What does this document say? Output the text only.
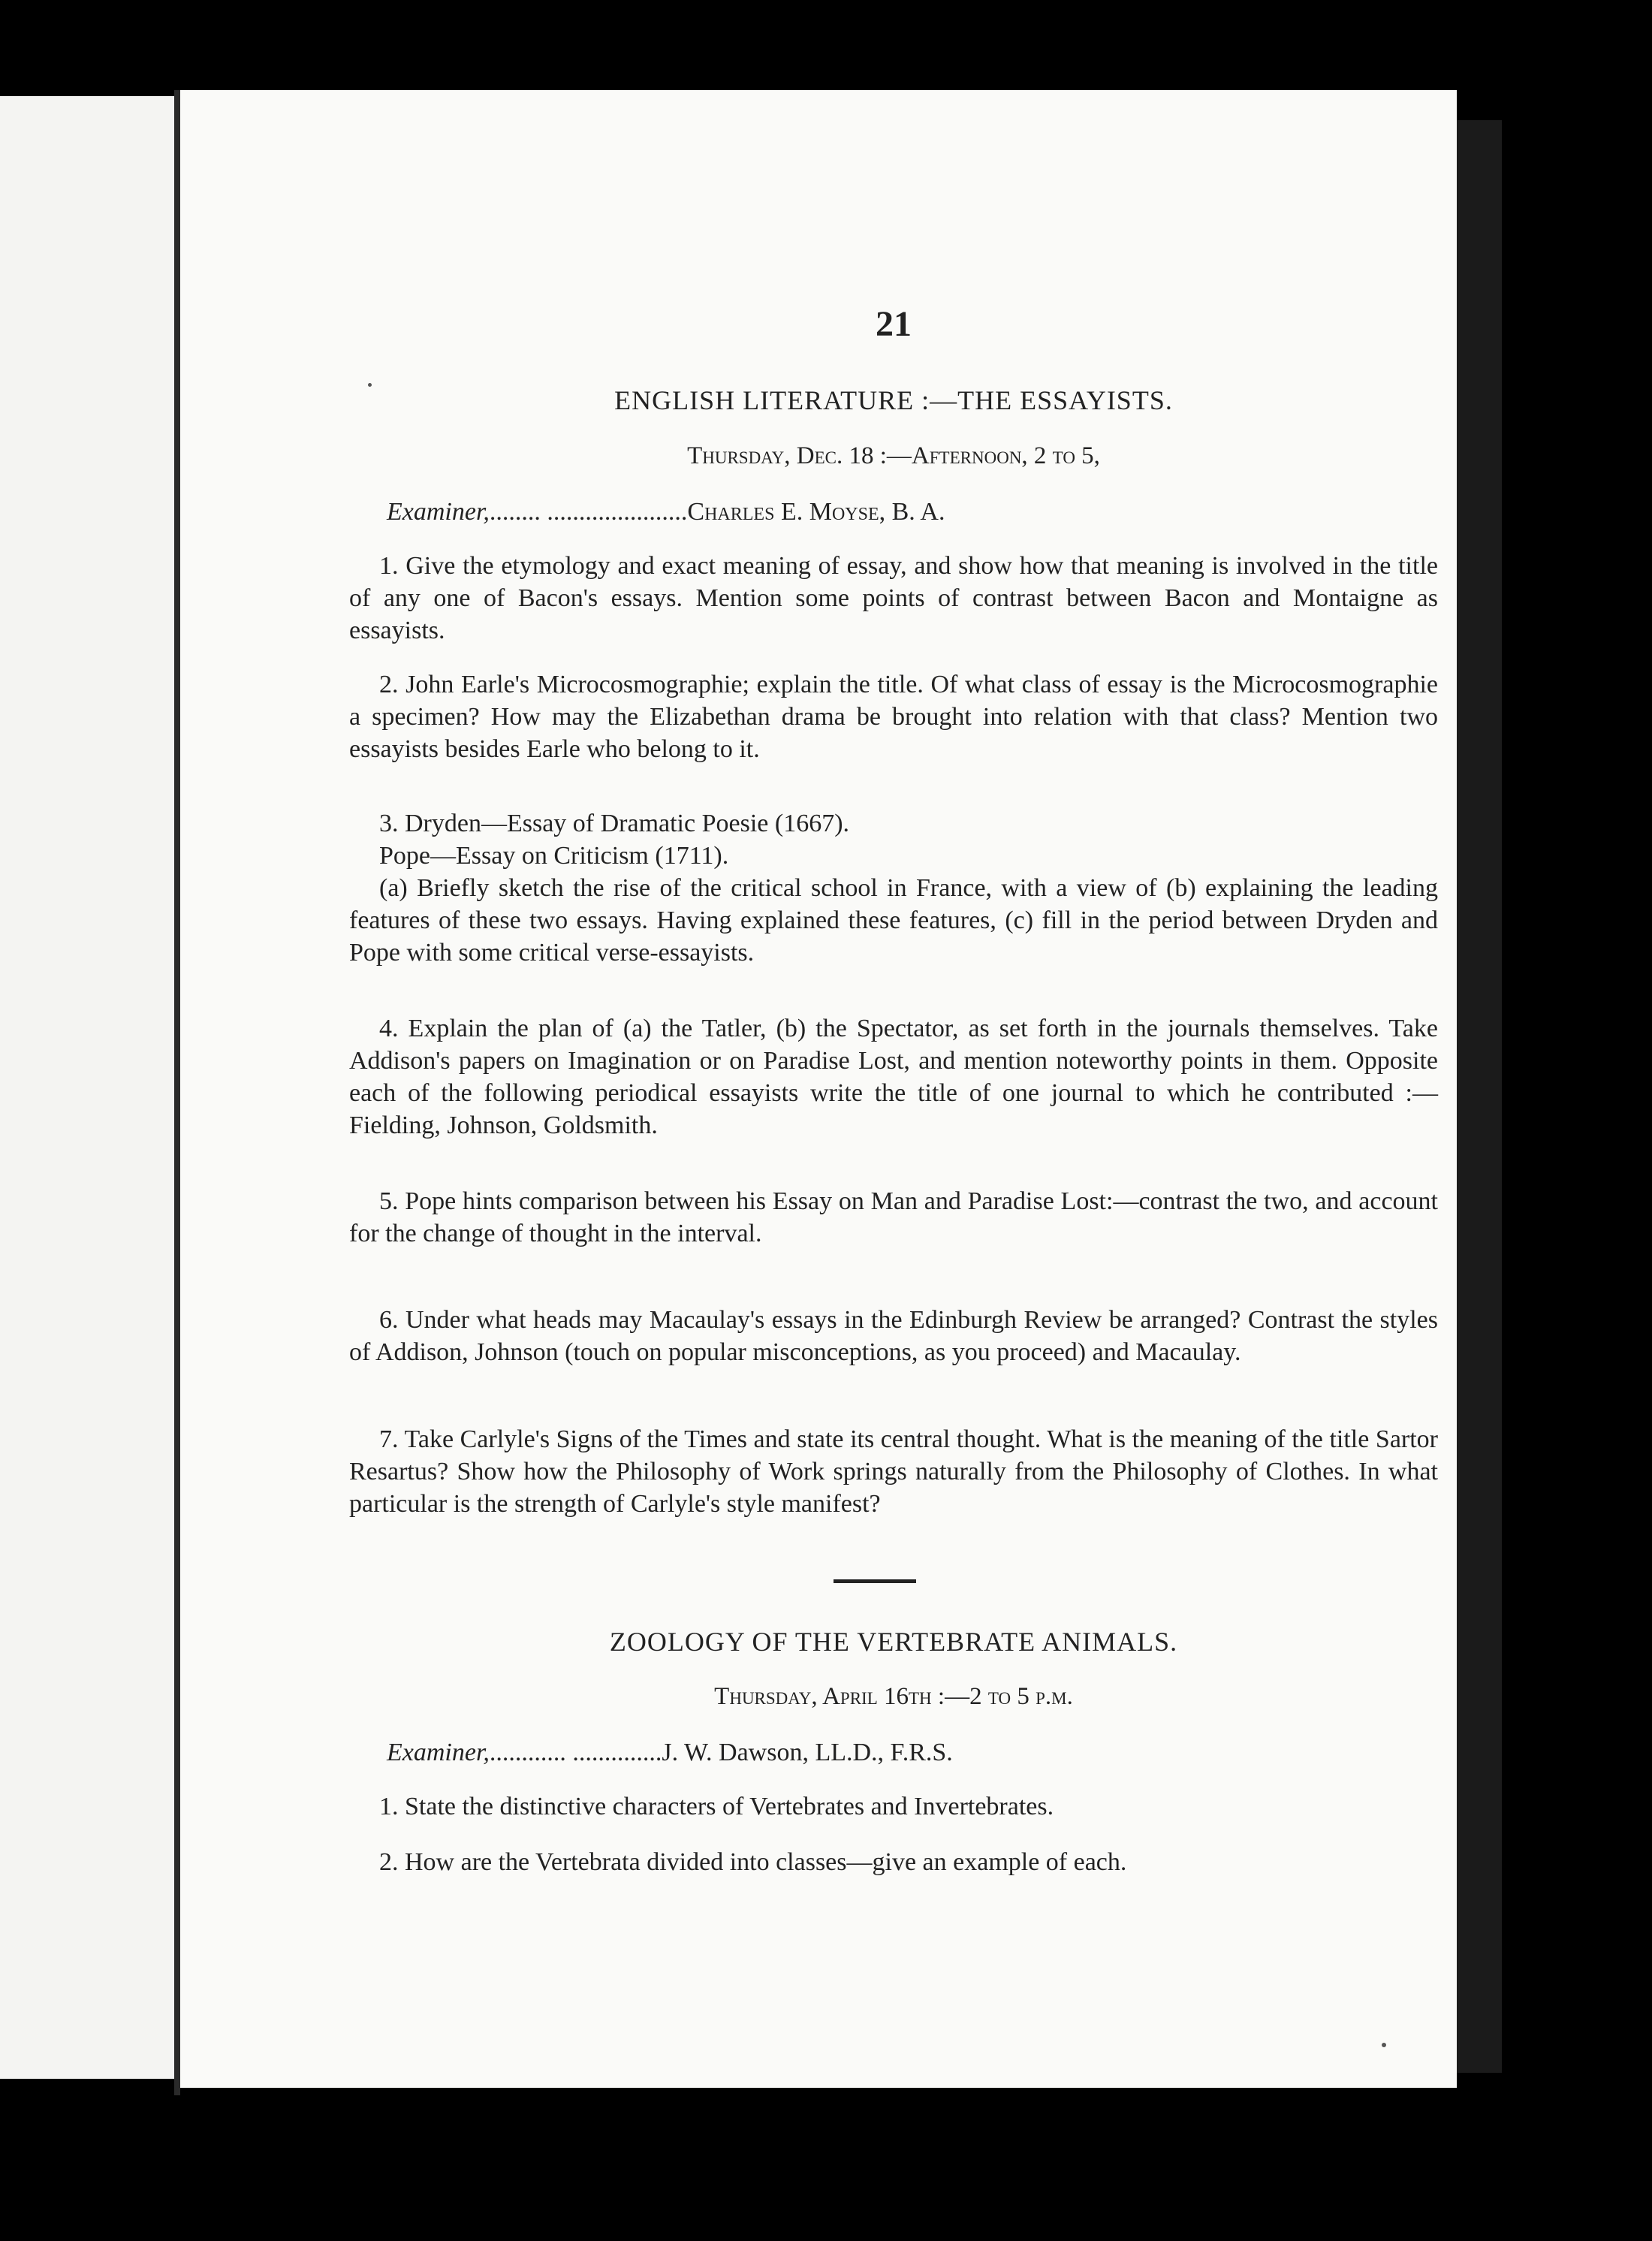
21
ENGLISH LITERATURE :—THE ESSAYISTS.
Thursday, Dec. 18 :—Afternoon, 2 to 5,
Examiner,........ ......................Charles E. Moyse, B. A.

1. Give the etymology and exact meaning of essay, and show how that meaning is involved in the title of any one of Bacon's essays. Mention some points of contrast between Bacon and Montaigne as essayists.

2. John Earle's Microcosmographie; explain the title. Of what class of essay is the Microcosmographie a specimen? How may the Elizabethan drama be brought into relation with that class? Mention two essayists besides Earle who belong to it.

3. Dryden—Essay of Dramatic Poesie (1667).

Pope—Essay on Criticism (1711).

(a) Briefly sketch the rise of the critical school in France, with a view of (b) explaining the leading features of these two essays. Having explained these features, (c) fill in the period between Dryden and Pope with some critical verse-essayists.

4. Explain the plan of (a) the Tatler, (b) the Spectator, as set forth in the journals themselves. Take Addison's papers on Imagination or on Paradise Lost, and mention noteworthy points in them. Opposite each of the following periodical essayists write the title of one journal to which he contributed :—Fielding, Johnson, Goldsmith.

5. Pope hints comparison between his Essay on Man and Paradise Lost:—contrast the two, and account for the change of thought in the interval.

6. Under what heads may Macaulay's essays in the Edinburgh Review be arranged? Contrast the styles of Addison, Johnson (touch on popular misconceptions, as you proceed) and Macaulay.

7. Take Carlyle's Signs of the Times and state its central thought. What is the meaning of the title Sartor Resartus? Show how the Philosophy of Work springs naturally from the Philosophy of Clothes. In what particular is the strength of Carlyle's style manifest?

ZOOLOGY OF THE VERTEBRATE ANIMALS.
Thursday, April 16th :—2 to 5 p.m.
Examiner,............ ..............J. W. Dawson, LL.D., F.R.S.

1. State the distinctive characters of Vertebrates and Invertebrates.

2. How are the Vertebrata divided into classes—give an example of each.
